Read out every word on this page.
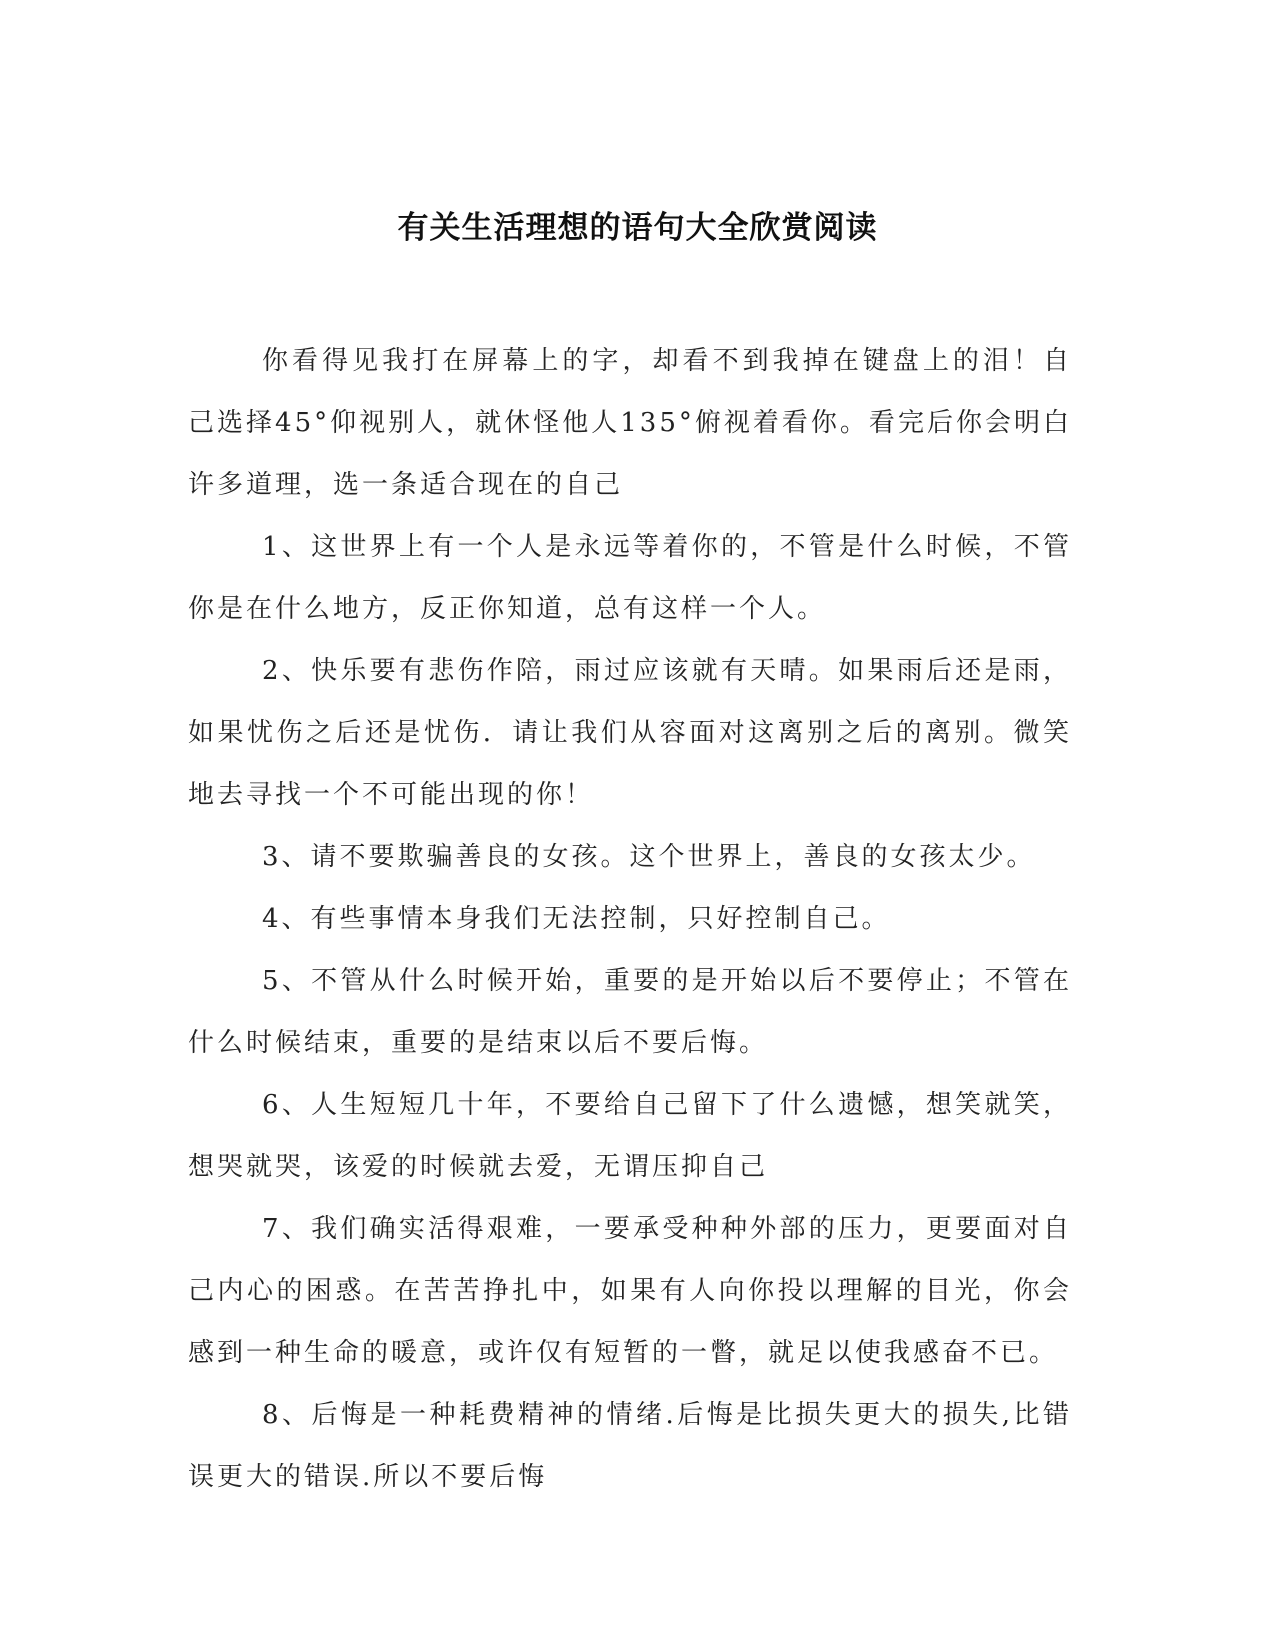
有关生活理想的语句大全欣赏阅读

你看得见我打在屏幕上的字，却看不到我掉在键盘上的泪！自己选择45°仰视别人，就休怪他人135°俯视着看你。看完后你会明白许多道理，选一条适合现在的自己

1、这世界上有一个人是永远等着你的，不管是什么时候，不管你是在什么地方，反正你知道，总有这样一个人。

2、快乐要有悲伤作陪，雨过应该就有天晴。如果雨后还是雨，如果忧伤之后还是忧伤．请让我们从容面对这离别之后的离别。微笑地去寻找一个不可能出现的你！

3、请不要欺骗善良的女孩。这个世界上，善良的女孩太少。

4、有些事情本身我们无法控制，只好控制自己。

5、不管从什么时候开始，重要的是开始以后不要停止；不管在什么时候结束，重要的是结束以后不要后悔。

6、人生短短几十年，不要给自己留下了什么遗憾，想笑就笑，想哭就哭，该爱的时候就去爱，无谓压抑自己

7、我们确实活得艰难，一要承受种种外部的压力，更要面对自己内心的困惑。在苦苦挣扎中，如果有人向你投以理解的目光，你会感到一种生命的暖意，或许仅有短暂的一瞥，就足以使我感奋不已。

8、后悔是一种耗费精神的情绪.后悔是比损失更大的损失,比错误更大的错误.所以不要后悔
